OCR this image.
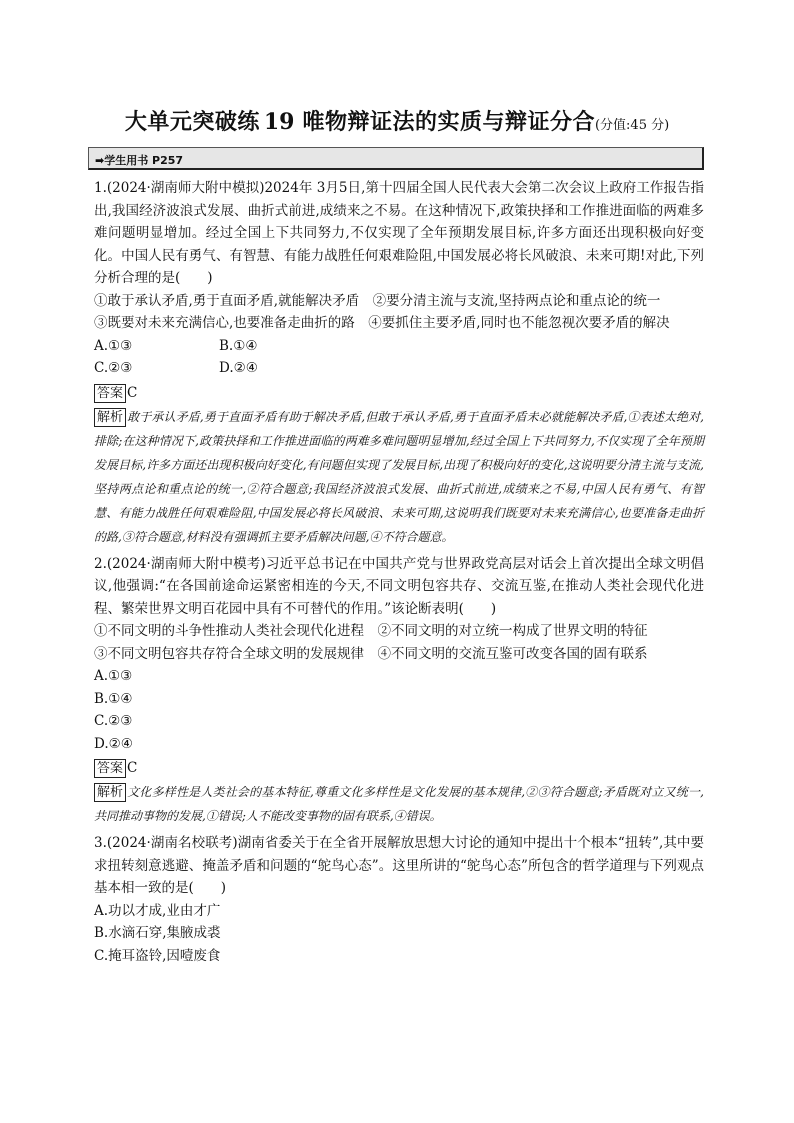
大单元突破练 19 唯物辩证法的实质与辩证分合(分值:45 分)
➡学生用书 P257
1.(2024·湖南师大附中模拟)2024年 3月5日,第十四届全国人民代表大会第二次会议上政府工作报告指出,我国经济波浪式发展、曲折式前进,成绩来之不易。在这种情况下,政策抉择和工作推进面临的两难多难问题明显增加。经过全国上下共同努力,不仅实现了全年预期发展目标,许多方面还出现积极向好变化。中国人民有勇气、有智慧、有能力战胜任何艰难险阻,中国发展必将长风破浪、未来可期!对此,下列分析合理的是(　　)
①敢于承认矛盾,勇于直面矛盾,就能解决矛盾　②要分清主流与支流,坚持两点论和重点论的统一
③既要对未来充满信心,也要准备走曲折的路　④要抓住主要矛盾,同时也不能忽视次要矛盾的解决
A.①③	B.①④
C.②③	D.②④
答案 C
解析 敢于承认矛盾,勇于直面矛盾有助于解决矛盾,但敢于承认矛盾,勇于直面矛盾未必就能解决矛盾,①表述太绝对,排除;在这种情况下,政策抉择和工作推进面临的两难多难问题明显增加,经过全国上下共同努力,不仅实现了全年预期发展目标,许多方面还出现积极向好变化,有问题但实现了发展目标,出现了积极向好的变化,这说明要分清主流与支流,坚持两点论和重点论的统一,②符合题意;我国经济波浪式发展、曲折式前进,成绩来之不易,中国人民有勇气、有智慧、有能力战胜任何艰难险阻,中国发展必将长风破浪、未来可期,这说明我们既要对未来充满信心,也要准备走曲折的路,③符合题意,材料没有强调抓主要矛盾解决问题,④不符合题意。
2.(2024·湖南师大附中模考)习近平总书记在中国共产党与世界政党高层对话会上首次提出全球文明倡议,他强调:“在各国前途命运紧密相连的今天,不同文明包容共存、交流互鉴,在推动人类社会现代化进程、繁荣世界文明百花园中具有不可替代的作用。”该论断表明(　　)
①不同文明的斗争性推动人类社会现代化进程　②不同文明的对立统一构成了世界文明的特征
③不同文明包容共存符合全球文明的发展规律　④不同文明的交流互鉴可改变各国的固有联系
A.①③
B.①④
C.②③
D.②④
答案 C
解析 文化多样性是人类社会的基本特征,尊重文化多样性是文化发展的基本规律,②③符合题意;矛盾既对立又统一,共同推动事物的发展,①错误;人不能改变事物的固有联系,④错误。
3.(2024·湖南名校联考)湖南省委关于在全省开展解放思想大讨论的通知中提出十个根本“扭转”,其中要求扭转刻意逃避、掩盖矛盾和问题的“鸵鸟心态”。这里所讲的“鸵鸟心态”所包含的哲学道理与下列观点基本相一致的是(　　)
A.功以才成,业由才广
B.水滴石穿,集腋成裘
C.掩耳盗铃,因噎废食
